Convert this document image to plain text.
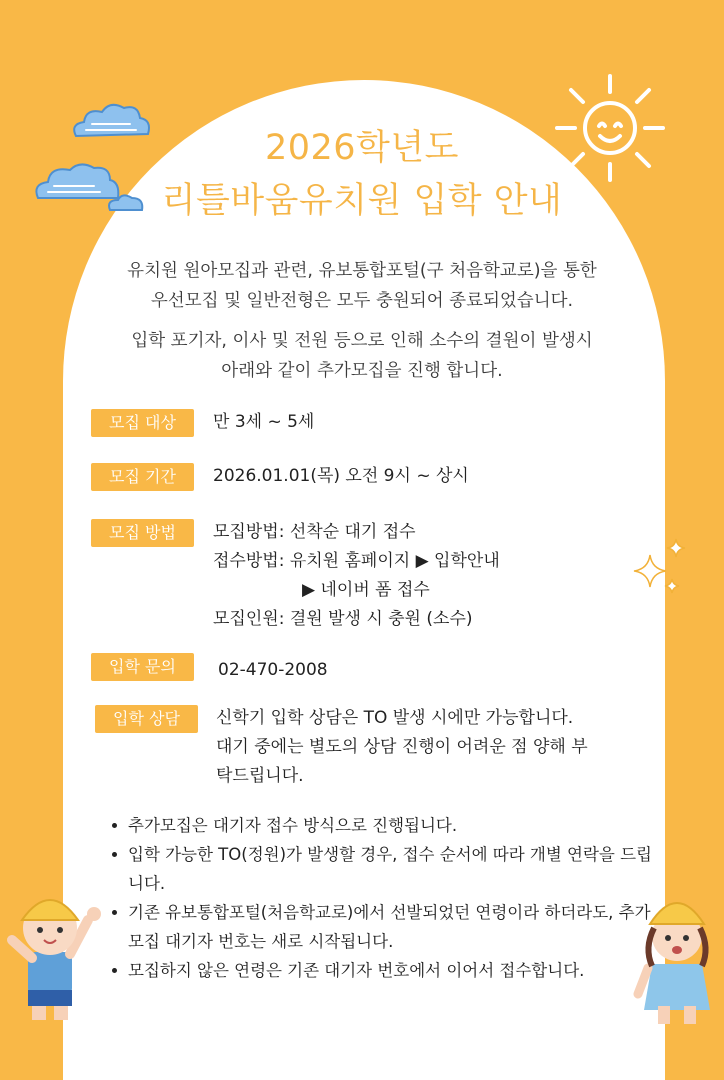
2026학년도
리틀바움유치원 입학 안내
유치원 원아모집과 관련, 유보통합포털(구 처음학교로)을 통한
우선모집 및 일반전형은 모두 충원되어 종료되었습니다.
입학 포기자, 이사 및 전원 등으로 인해 소수의 결원이 발생시
아래와 같이 추가모집을 진행 합니다.
모집 대상	만 3세 ~ 5세
모집 기간	2026.01.01(목) 오전 9시 ~ 상시
모집 방법	모집방법: 선착순 대기 접수
접수방법: 유치원 홈페이지 ▶ 입학안내
▶ 네이버 폼 접수
모집인원: 결원 발생 시 충원 (소수)
입학 문의	02-470-2008
입학 상담	신학기 입학 상담은 TO 발생 시에만 가능합니다.
대기 중에는 별도의 상담 진행이 어려운 점 양해 부
탁드립니다.
추가모집은 대기자 접수 방식으로 진행됩니다.
입학 가능한 TO(정원)가 발생할 경우, 접수 순서에 따라 개별 연락을 드립니다.
기존 유보통합포털(처음학교로)에서 선발되었던 연령이라 하더라도, 추가모집 대기자 번호는 새로 시작됩니다.
모집하지 않은 연령은 기존 대기자 번호에서 이어서 접수합니다.
